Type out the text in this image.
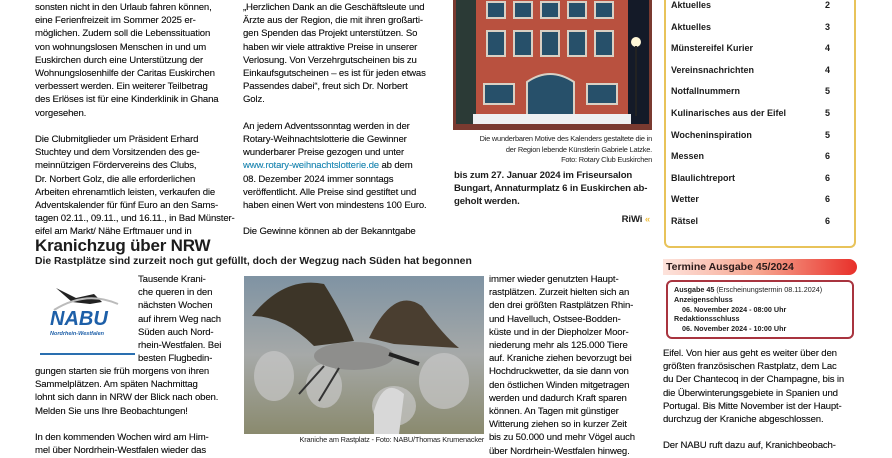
sonsten nicht in den Urlaub fahren können,
eine Ferienfreizeit im Sommer 2025 er-
möglichen. Zudem soll die Lebenssituation
von wohnungslosen Menschen in und um
Euskirchen durch eine Unterstützung der
Wohnungslosenhilfe der Caritas Euskirchen
verbessert werden. Ein weiterer Teilbetrag
des Erlöses ist für eine Kinderklinik in Ghana
vorgesehen.
Die Clubmitglieder um Präsident Erhard
Stuchtey und dem Vorsitzenden des ge-
meinnützigen Fördervereins des Clubs,
Dr. Norbert Golz, die alle erforderlichen
Arbeiten ehrenamtlich leisten, verkaufen die
Adventskalender für fünf Euro an den Sams-
tagen 02.11., 09.11., und 16.11., in Bad Münster-
eifel am Markt/ Nähe Erftmauer und in
„Herzlichen Dank an die Geschäftsleute und
Ärzte aus der Region, die mit ihren großarti-
gen Spenden das Projekt unterstützen. So
haben wir viele attraktive Preise in unserer
Verlosung. Von Verzehrgutscheinen bis zu
Einkaufsgutscheinen – es ist für jeden etwas
Passendes dabei“, freut sich Dr. Norbert
Golz.
An jedem Adventssonntag werden in der
Rotary-Weihnachtslotterie die Gewinner
wunderbarer Preise gezogen und unter
www.rotary-weihnachtslotterie.de ab dem
08. Dezember 2024 immer sonntags
veröffentlicht. Alle Preise sind gestiftet und
haben einen Wert von mindestens 100 Euro.
Die Gewinne können ab der Bekanntgabe
Die wunderbaren Motive des Kalenders gestaltete die in
der Region lebende Künstlerin Gabriele Latzke.
Foto: Rotary Club Euskirchen
bis zum 27. Januar 2024 im Friseursalon
Bungart, Annaturmplatz 6 in Euskirchen ab-
geholt werden.
RiWi «
Aktuelles	2
Aktuelles	3
Münstereifel Kurier	4
Vereinsnachrichten	4
Notfallnummern	5
Kulinarisches aus der Eifel	5
Wocheninspiration	5
Messen	6
Blaulichtreport	6
Wetter	6
Rätsel	6
Kranichzug über NRW
Die Rastplätze sind zurzeit noch gut gefüllt, doch der Wegzug nach Süden hat begonnen
NABU
Nordrhein-Westfalen
Tausende Krani-
che queren in den
nächsten Wochen
auf ihrem Weg nach
Süden auch Nord-
rhein-Westfalen. Bei
besten Flugbedin-
gungen starten sie früh morgens von ihren
Sammelplätzen. Am späten Nachmittag
lohnt sich dann in NRW der Blick nach oben.
Melden Sie uns Ihre Beobachtungen!
In den kommenden Wochen wird am Him-
mel über Nordrhein-Westfalen wieder das
Kraniche am Rastplatz - Foto: NABU/Thomas Krumenacker
immer wieder genutzten Haupt-
rastplätzen. Zurzeit hielten sich an
den drei größten Rastplätzen Rhin-
und Havelluch, Ostsee-Bodden-
küste und in der Diepholzer Moor-
niederung mehr als 125.000 Tiere
auf. Kraniche ziehen bevorzugt bei
Hochdruckwetter, da sie dann von
den östlichen Winden mitgetragen
werden und dadurch Kraft sparen
können. An Tagen mit günstiger
Witterung ziehen so in kurzer Zeit
bis zu 50.000 und mehr Vögel auch
über Nordrhein-Westfalen hinweg.
Termine Ausgabe 45/2024
Ausgabe 45 (Erscheinungstermin 08.11.2024)
Anzeigenschluss
06. November 2024 - 08:00 Uhr
Redaktionsschluss
06. November 2024 - 10:00 Uhr
Eifel. Von hier aus geht es weiter über den
größten französischen Rastplatz, dem Lac
du Der Chantecoq in der Champagne, bis in
die Überwinterungsgebiete in Spanien und
Portugal. Bis Mitte November ist der Haupt-
durchzug der Kraniche abgeschlossen.
Der NABU ruft dazu auf, Kranichbeobach-
